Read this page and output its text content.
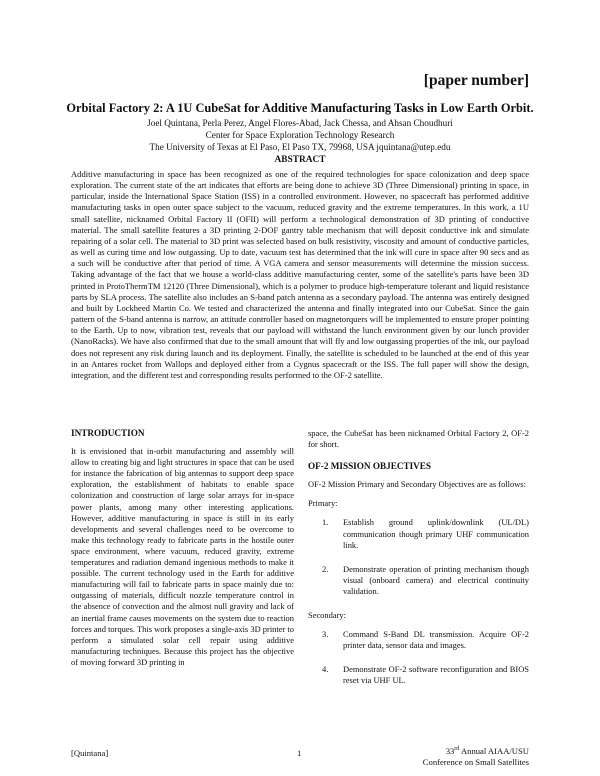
[paper number]
Orbital Factory 2: A 1U CubeSat for Additive Manufacturing Tasks in Low Earth Orbit.
Joel Quintana, Perla Perez, Angel Flores-Abad, Jack Chessa, and Ahsan Choudhuri
Center for Space Exploration Technology Research
The University of Texas at El Paso, El Paso TX, 79968, USA jquintana@utep.edu
ABSTRACT

Additive manufacturing in space has been recognized as one of the required technologies for space colonization and deep space exploration. The current state of the art indicates that efforts are being done to achieve 3D (Three Dimensional) printing in space, in particular, inside the International Space Station (ISS) in a controlled environment. However, no spacecraft has performed additive manufacturing tasks in open outer space subject to the vacuum, reduced gravity and the extreme temperatures. In this work, a 1U small satellite, nicknamed Orbital Factory II (OFII) will perform a technological demonstration of 3D printing of conductive material. The small satellite features a 3D printing 2-DOF gantry table mechanism that will deposit conductive ink and simulate repairing of a solar cell. The material to 3D print was selected based on bulk resistivity, viscosity and amount of conductive particles, as well as curing time and low outgassing. Up to date, vacuum test has determined that the ink will cure in space after 90 secs and as a such will be conductive after that period of time. A VGA camera and sensor measurements will determine the mission success. Taking advantage of the fact that we house a world-class additive manufacturing center, some of the satellite's parts have been 3D printed in ProtoThermTM 12120 (Three Dimensional), which is a polymer to produce high-temperature tolerant and liquid resistance parts by SLA process. The satellite also includes an S-band patch antenna as a secondary payload. The antenna was entirely designed and built by Lockheed Martin Co. We tested and characterized the antenna and finally integrated into our CubeSat. Since the gain pattern of the S-band antenna is narrow, an attitude controller based on magnetorquers will be implemented to ensure proper pointing to the Earth. Up to now, vibration test, reveals that our payload will withstand the lunch environment given by our lunch provider (NanoRacks). We have also confirmed that due to the small amount that will fly and low outgassing properties of the ink, our payload does not represent any risk during launch and its deployment. Finally, the satellite is scheduled to be launched at the end of this year in an Antares rocket from Wallops and deployed either from a Cygnus spacecraft or the ISS. The full paper will show the design, integration, and the different test and corresponding results performed to the OF-2 satellite.

INTRODUCTION

It is envisioned that in-orbit manufacturing and assembly will allow to creating big and light structures in space that can be used for instance the fabrication of big antennas to support deep space exploration, the establishment of habitats to enable space colonization and construction of large solar arrays for in-space power plants, among many other interesting applications. However, additive manufacturing in space is still in its early developments and several challenges need to be overcome to make this technology ready to fabricate parts in the hostile outer space environment, where vacuum, reduced gravity, extreme temperatures and radiation demand ingenious methods to make it possible. The current technology used in the Earth for additive manufacturing will fail to fabricate parts in space mainly due to: outgassing of materials, difficult nozzle temperature control in the absence of convection and the almost null gravity and lack of an inertial frame causes movements on the system due to reaction forces and torques. This work proposes a single-axis 3D printer to perform a simulated solar cell repair using additive manufacturing techniques. Because this project has the objective of moving forward 3D printing in

space, the CubeSat has been nicknamed Orbital Factory 2, OF-2 for short.

OF-2 MISSION OBJECTIVES

OF-2 Mission Primary and Secondary Objectives are as follows:

Primary:

1. Establish ground uplink/downlink (UL/DL) communication though primary UHF communication link.
2. Demonstrate operation of printing mechanism though visual (onboard camera) and electrical continuity validation.

Secondary:

3. Command S-Band DL transmission. Acquire OF-2 printer data, sensor data and images.
4. Demonstrate OF-2 software reconfiguration and BIOS reset via UHF UL.
[Quintana]	1	33rd Annual AIAA/USU
Conference on Small Satellites
